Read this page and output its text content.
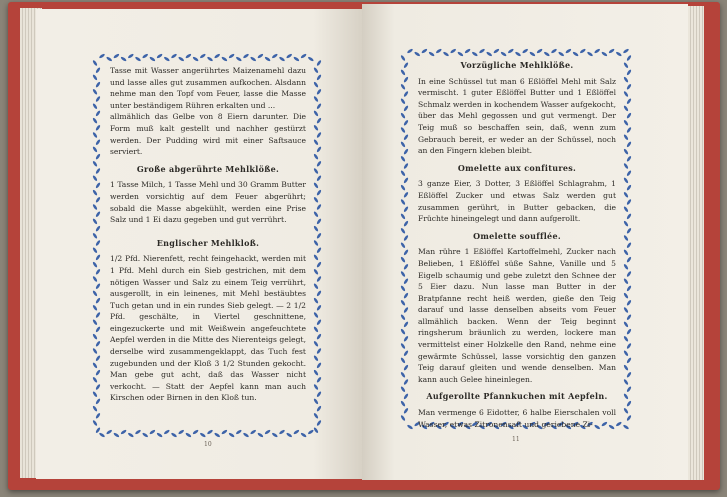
Tasse mit Wasser angerührtes Maizenamehl dazu und lasse alles gut zusammen aufkochen. Alsdann nehme man den Topf vom Feuer, lasse die Masse unter beständigem Rühren erkalten und ...

allmählich das Gelbe von 8 Eiern darunter. Die Form muß kalt gestellt und nachher gestürzt werden. Der Pudding wird mit einer Saftsauce serviert.

Große abgerührte Mehlklöße.

1 Tasse Milch, 1 Tasse Mehl und 30 Gramm Butter werden vorsichtig auf dem Feuer abgerührt; sobald die Masse abgekühlt, werden eine Prise Salz und 1 Ei dazu gegeben und gut verrührt.

Englischer Mehlkloß.

1/2 Pfd. Nierenfett, recht feingehackt, werden mit 1 Pfd. Mehl durch ein Sieb gestrichen, mit dem nötigen Wasser und Salz zu einem Teig verrührt, ausgerollt, in ein leinenes, mit Mehl bestäubtes Tuch getan und in ein rundes Sieb gelegt. — 2 1/2 Pfd. geschälte, in Viertel geschnittene, eingezuckerte und mit Weißwein angefeuchtete Aepfel werden in die Mitte des Nierenteigs gelegt, derselbe wird zusammengeklappt, das Tuch fest zugebunden und der Kloß 3 1/2 Stunden gekocht. Man gebe gut acht, daß das Wasser nicht verkocht. — Statt der Aepfel kann man auch Kirschen oder Birnen in den Kloß tun.

10
Vorzügliche Mehlklöße.

In eine Schüssel tut man 6 Eßlöffel Mehl mit Salz vermischt. 1 guter Eßlöffel Butter und 1 Eßlöffel Schmalz werden in kochendem Wasser aufgekocht, über das Mehl gegossen und gut vermengt. Der Teig muß so beschaffen sein, daß, wenn zum Gebrauch bereit, er weder an der Schüssel, noch an den Fingern kleben bleibt.

Omelette aux confitures.

3 ganze Eier, 3 Dotter, 3 Eßlöffel Schlagrahm, 1 Eßlöffel Zucker und etwas Salz werden gut zusammen gerührt, in Butter gebacken, die Früchte hineingelegt und dann aufgerollt.

Omelette soufflée.

Man rühre 1 Eßlöffel Kartoffelmehl, Zucker nach Belieben, 1 Eßlöffel süße Sahne, Vanille und 5 Eigelb schaumig und gebe zuletzt den Schnee der 5 Eier dazu. Nun lasse man Butter in der Bratpfanne recht heiß werden, gieße den Teig darauf und lasse denselben abseits vom Feuer allmählich backen. Wenn der Teig beginnt ringsherum bräunlich zu werden, lockere man vermittelst einer Holzkelle den Rand, nehme eine gewärmte Schüssel, lasse vorsichtig den ganzen Teig darauf gleiten und wende denselben. Man kann auch Gelee hineinlegen.

Aufgerollte Pfannkuchen mit Aepfeln.

Man vermenge 6 Eidotter, 6 halbe Eierschalen voll Wasser, etwas Zitronensaft und geriebene Zi-

11
